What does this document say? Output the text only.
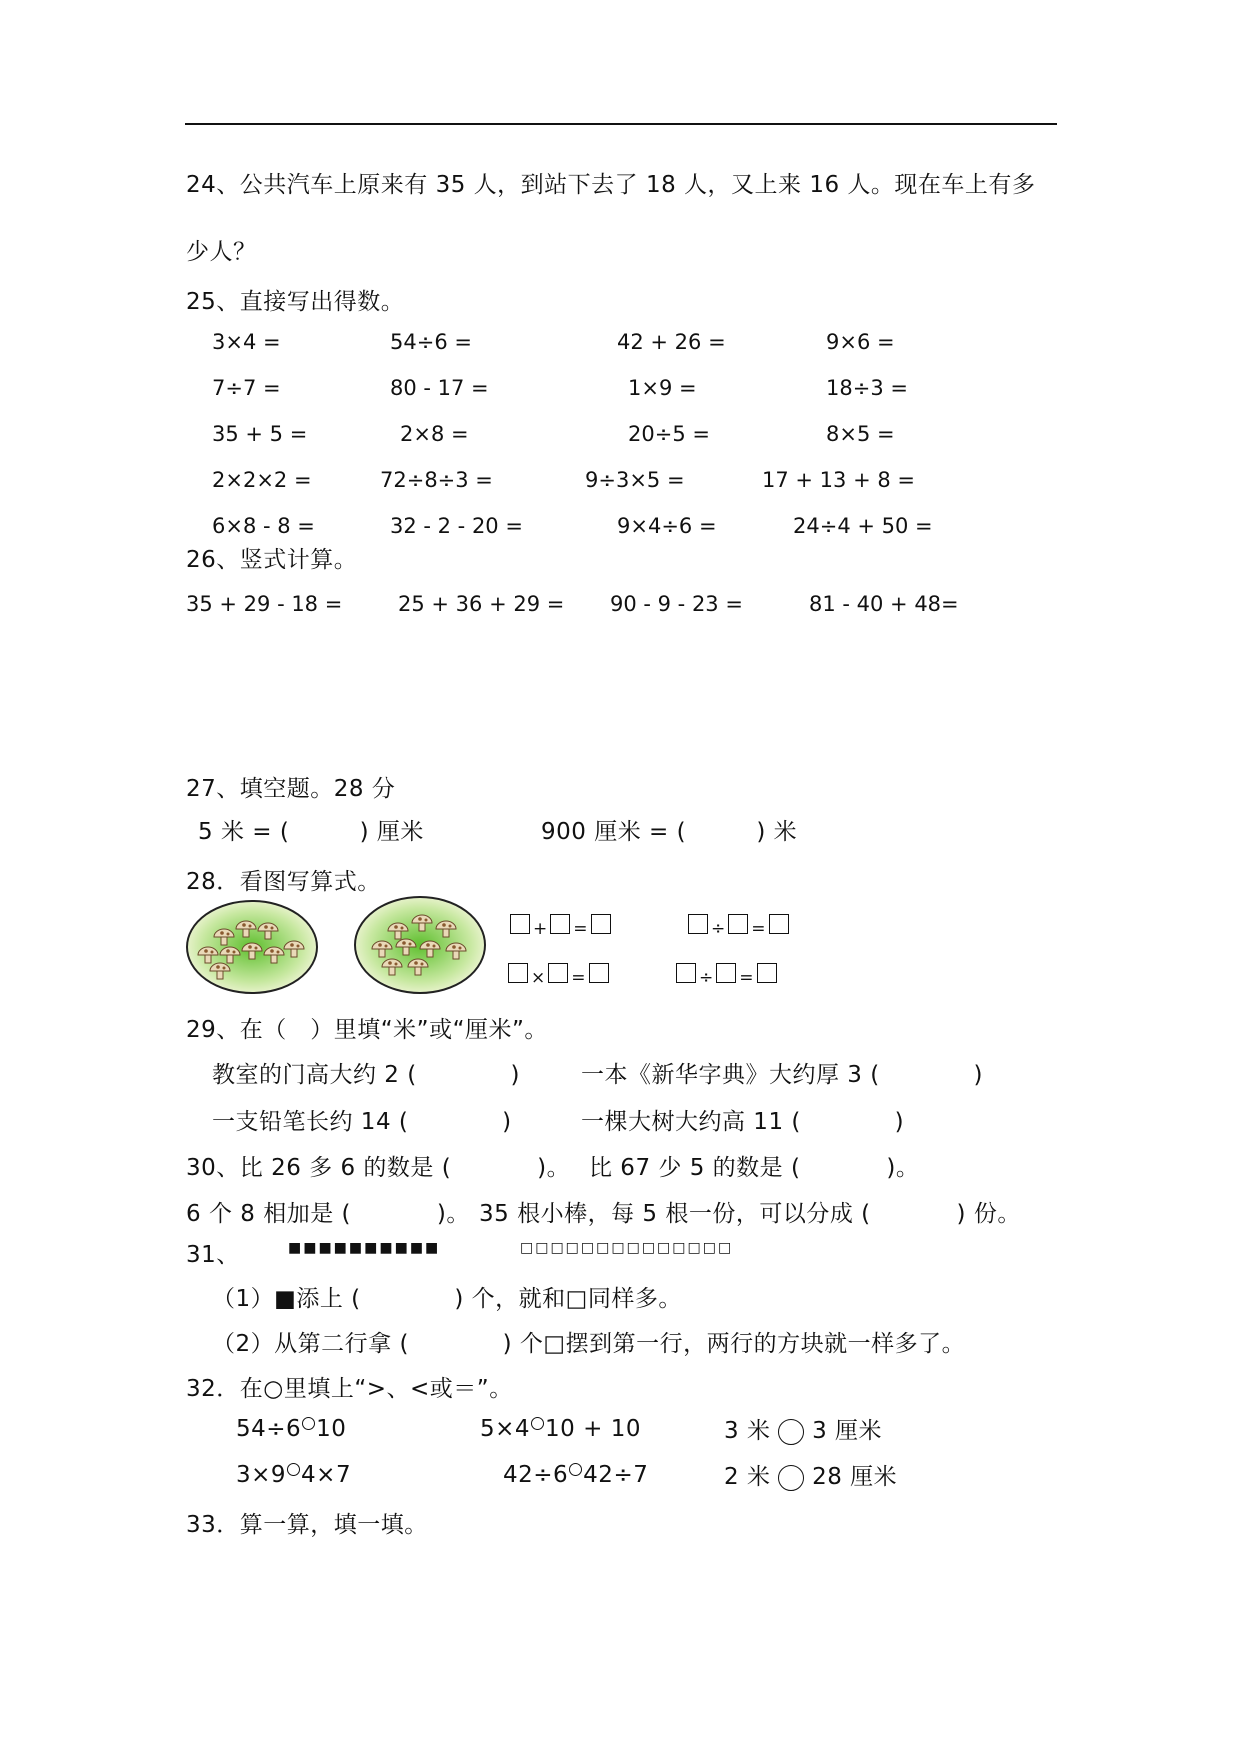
24、公共汽车上原来有 35 人，到站下去了 18 人，又上来 16 人。现在车上有多
少人？
25、直接写出得数。
3×4 =	54÷6 =	42 + 26 =	9×6 =
7÷7 =	80 - 17 =	1×9 =	18÷3 =
35 + 5 =	2×8 =	20÷5 =	8×5 =
2×2×2 =	72÷8÷3 =	9÷3×5 =	17 + 13 + 8 =
6×8 - 8 =	32 - 2 - 20 =	9×4÷6 =	24÷4 + 50 =
26、竖式计算。
35 + 29 - 18 =	25 + 36 + 29 = 90 - 9 - 23 =	81 - 40 + 48=
27、填空题。28 分
5 米 = (         ) 厘米	900 厘米 = (         ) 米
28．看图写算式。
+ =	÷ =
× =	÷ =
29、在（　）里填“米”或“厘米”。
教室的门高大约 2 (            )	一本《新华字典》大约厚 3 (            )
一支铅笔长约 14 (            )	一棵大树大约高 11 (            )
30、比 26 多 6 的数是 (           )。 比 67 少 5 的数是 (           )。
6 个 8 相加是 (           )。 35 根小棒，每 5 根一份，可以分成 (           ) 份。
31、	■■■■■■■■■■	□□□□□□□□□□□□□□
（1）■添上 (            ) 个，就和□同样多。
（2）从第二行拿 (            ) 个□摆到第一行，两行的方块就一样多了。
32．在○里填上“>、<或＝”。
54÷6 10	5×4 10 + 10	3 米 3 厘米
3×9 4×7	42÷6 42÷7	2 米 28 厘米
33．算一算，填一填。
